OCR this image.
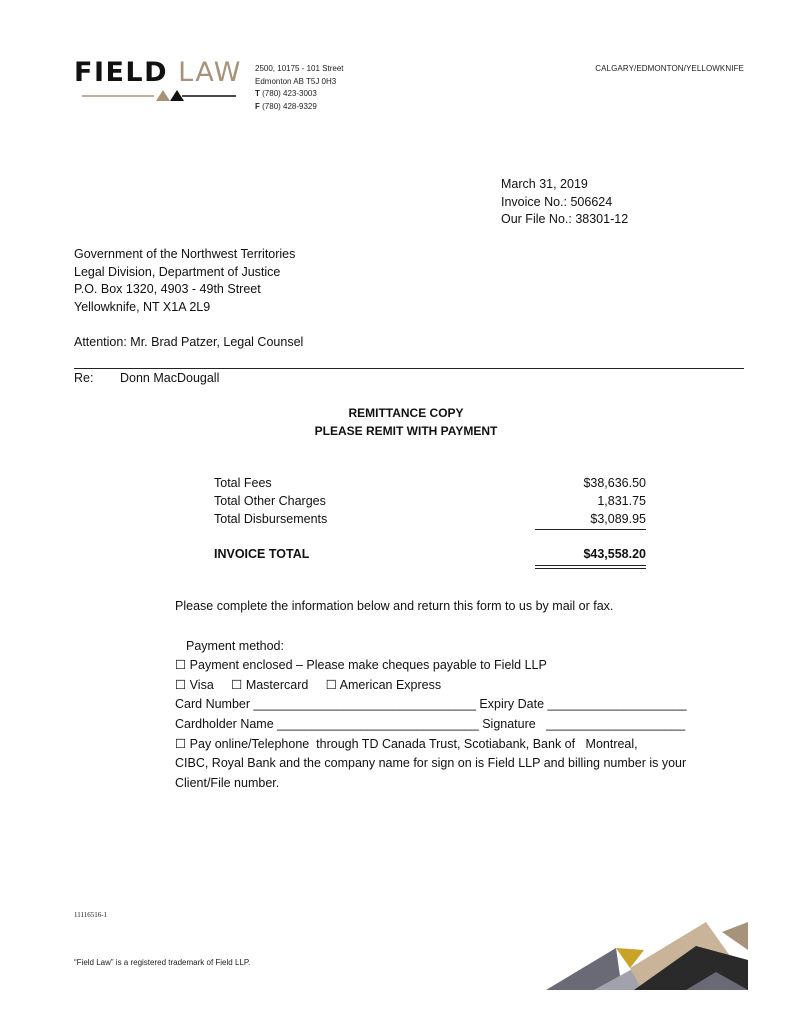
FIELD LAW 2500, 10175 - 101 Street
Edmonton AB T5J 0H3
T (780) 423-3003
F (780) 428-9329
CALGARY/EDMONTON/YELLOWKNIFE
March 31, 2019
Invoice No.: 506624
Our File No.: 38301-12
Government of the Northwest Territories
Legal Division, Department of Justice
P.O. Box 1320, 4903 - 49th Street
Yellowknife, NT X1A 2L9
Attention: Mr. Brad Patzer, Legal Counsel
Re: Donn MacDougall
REMITTANCE COPY
PLEASE REMIT WITH PAYMENT
Total Fees	$38,636.50
Total Other Charges	1,831.75
Total Disbursements	$3,089.95
INVOICE TOTAL	$43,558.20
Please complete the information below and return this form to us by mail or fax.
Payment method:
☐ Payment enclosed – Please make cheques payable to Field LLP
☐ Visa     ☐ Mastercard     ☐ American Express
Card Number ________________________________ Expiry Date ____________________
Cardholder Name _____________________________ Signature   ____________________
☐ Pay online/Telephone  through TD Canada Trust, Scotiabank, Bank of   Montreal,
CIBC, Royal Bank and the company name for sign on is Field LLP and billing number is your
Client/File number.
11116516-1
“Field Law” is a registered trademark of Field LLP.
